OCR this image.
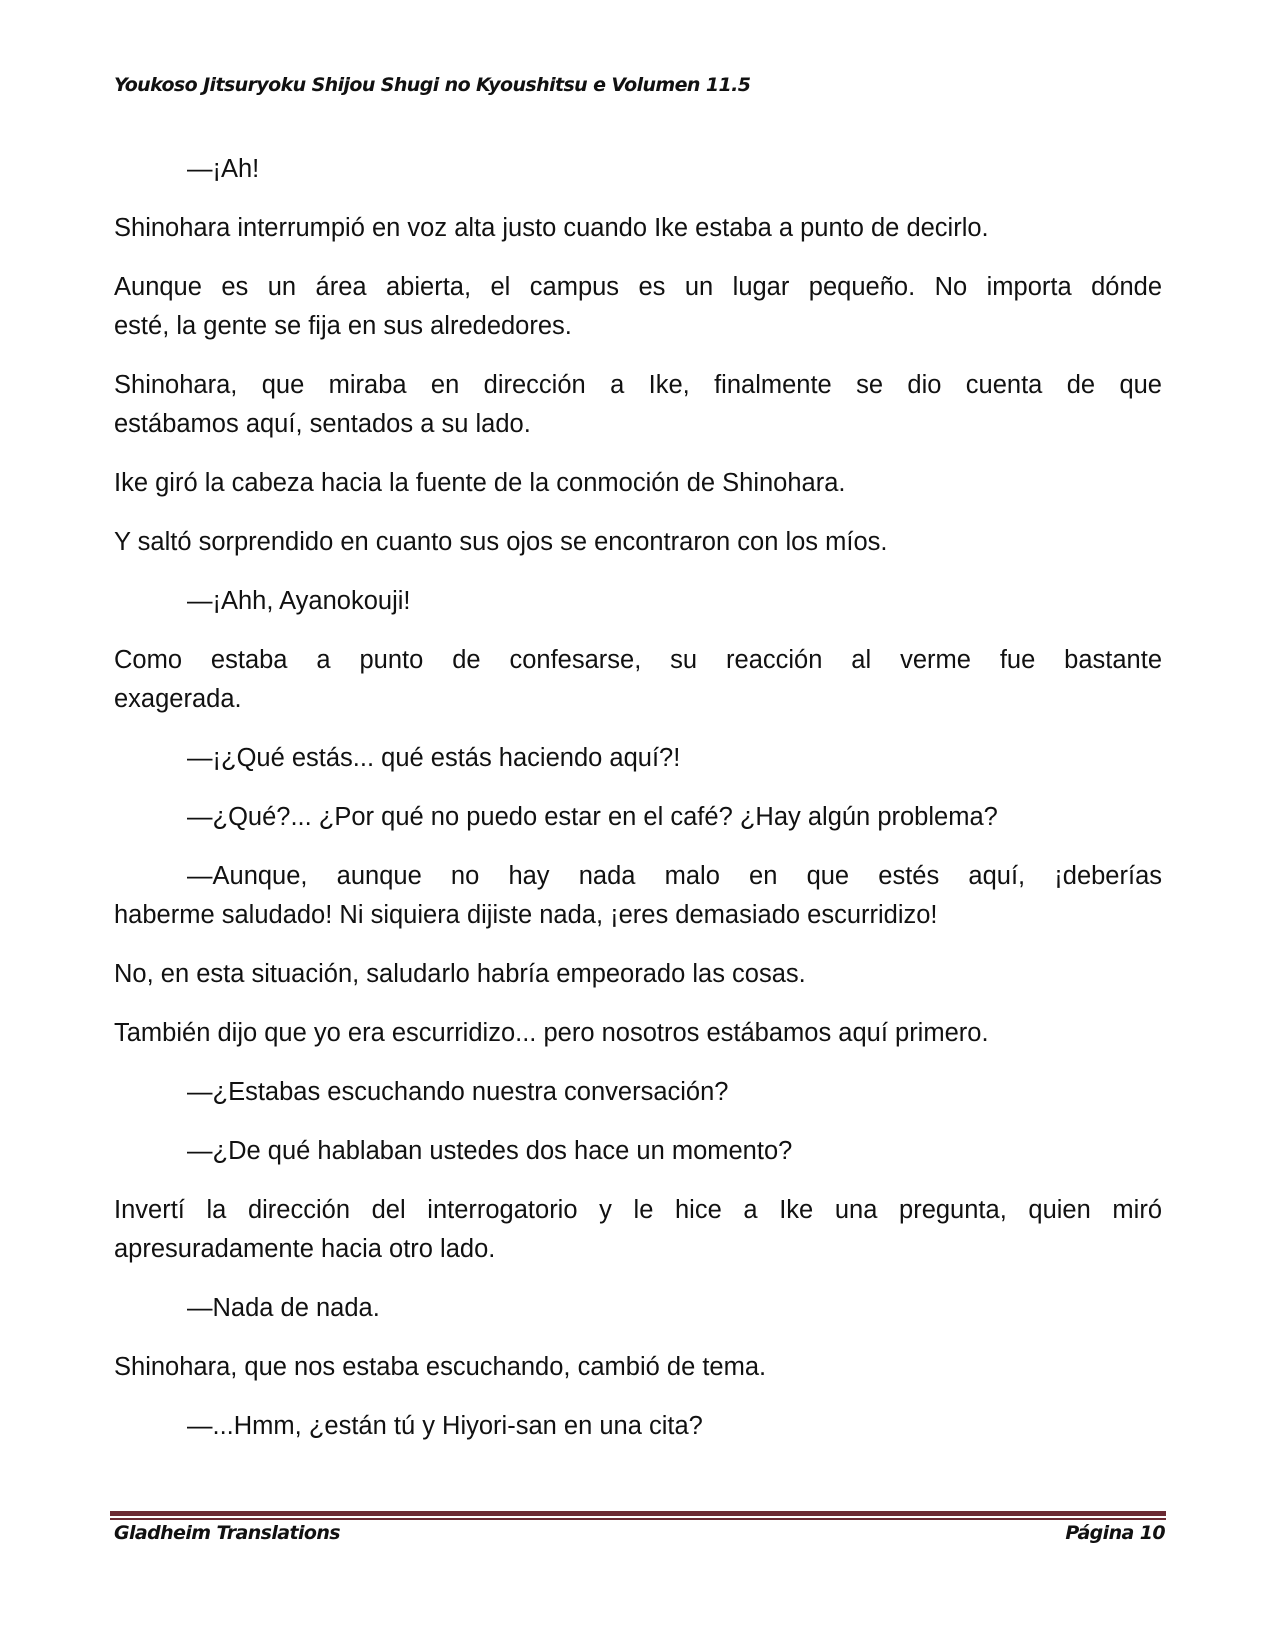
Youkoso Jitsuryoku Shijou Shugi no Kyoushitsu e Volumen 11.5

—¡Ah!

Shinohara interrumpió en voz alta justo cuando Ike estaba a punto de decirlo.

Aunque es un área abierta, el campus es un lugar pequeño. No importa dónde
esté, la gente se fija en sus alrededores.

Shinohara, que miraba en dirección a Ike, finalmente se dio cuenta de que
estábamos aquí, sentados a su lado.

Ike giró la cabeza hacia la fuente de la conmoción de Shinohara.

Y saltó sorprendido en cuanto sus ojos se encontraron con los míos.

—¡Ahh, Ayanokouji!

Como estaba a punto de confesarse, su reacción al verme fue bastante
exagerada.

—¡¿Qué estás... qué estás haciendo aquí?!

—¿Qué?... ¿Por qué no puedo estar en el café? ¿Hay algún problema?

—Aunque, aunque no hay nada malo en que estés aquí, ¡deberías
haberme saludado! Ni siquiera dijiste nada, ¡eres demasiado escurridizo!

No, en esta situación, saludarlo habría empeorado las cosas.

También dijo que yo era escurridizo... pero nosotros estábamos aquí primero.

—¿Estabas escuchando nuestra conversación?

—¿De qué hablaban ustedes dos hace un momento?

Invertí la dirección del interrogatorio y le hice a Ike una pregunta, quien miró
apresuradamente hacia otro lado.

—Nada de nada.

Shinohara, que nos estaba escuchando, cambió de tema.

—...Hmm, ¿están tú y Hiyori-san en una cita?

Gladheim Translations	Página 10
